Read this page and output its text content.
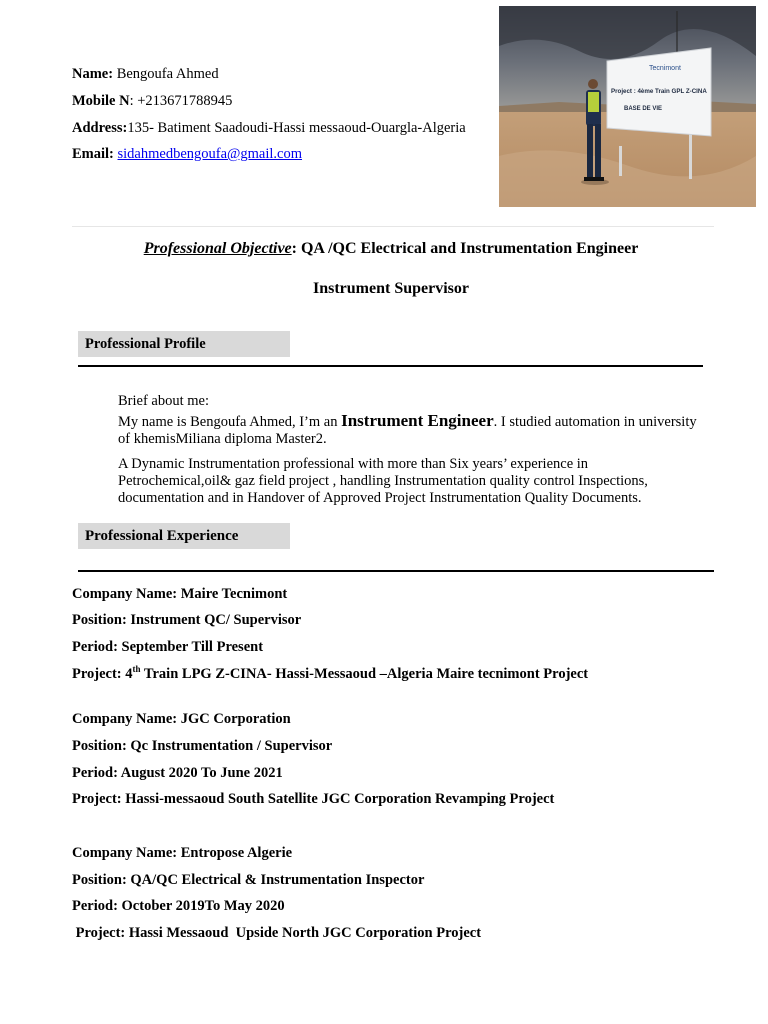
Name: Bengoufa Ahmed
Mobile N: +213671788945
Address:135- Batiment Saadoudi-Hassi messaoud-Ouargla-Algeria
Email: sidahmedbengoufa@gmail.com
Tecnimont
Project : 4ème Train GPL Z-CINA
BASE DE VIE
Professional Objective: QA /QC Electrical and Instrumentation Engineer
Instrument Supervisor
Professional Profile
Brief about me:
My name is Bengoufa Ahmed, I’m an Instrument Engineer. I studied automation in university of khemisMiliana diploma Master2.
A Dynamic Instrumentation professional with more than Six years’ experience in Petrochemical,oil& gaz field project , handling Instrumentation quality control Inspections, documentation and in Handover of Approved Project Instrumentation Quality Documents.
Professional Experience
Company Name: Maire Tecnimont
Position: Instrument QC/ Supervisor
Period: September Till Present
Project: 4th Train LPG Z-CINA- Hassi-Messaoud –Algeria Maire tecnimont Project
Company Name: JGC Corporation
Position: Qc Instrumentation / Supervisor
Period: August 2020 To June 2021
Project: Hassi-messaoud South Satellite JGC Corporation Revamping Project
Company Name: Entropose Algerie
Position: QA/QC Electrical & Instrumentation Inspector
Period: October 2019To May 2020
Project: Hassi Messaoud  Upside North JGC Corporation Project
